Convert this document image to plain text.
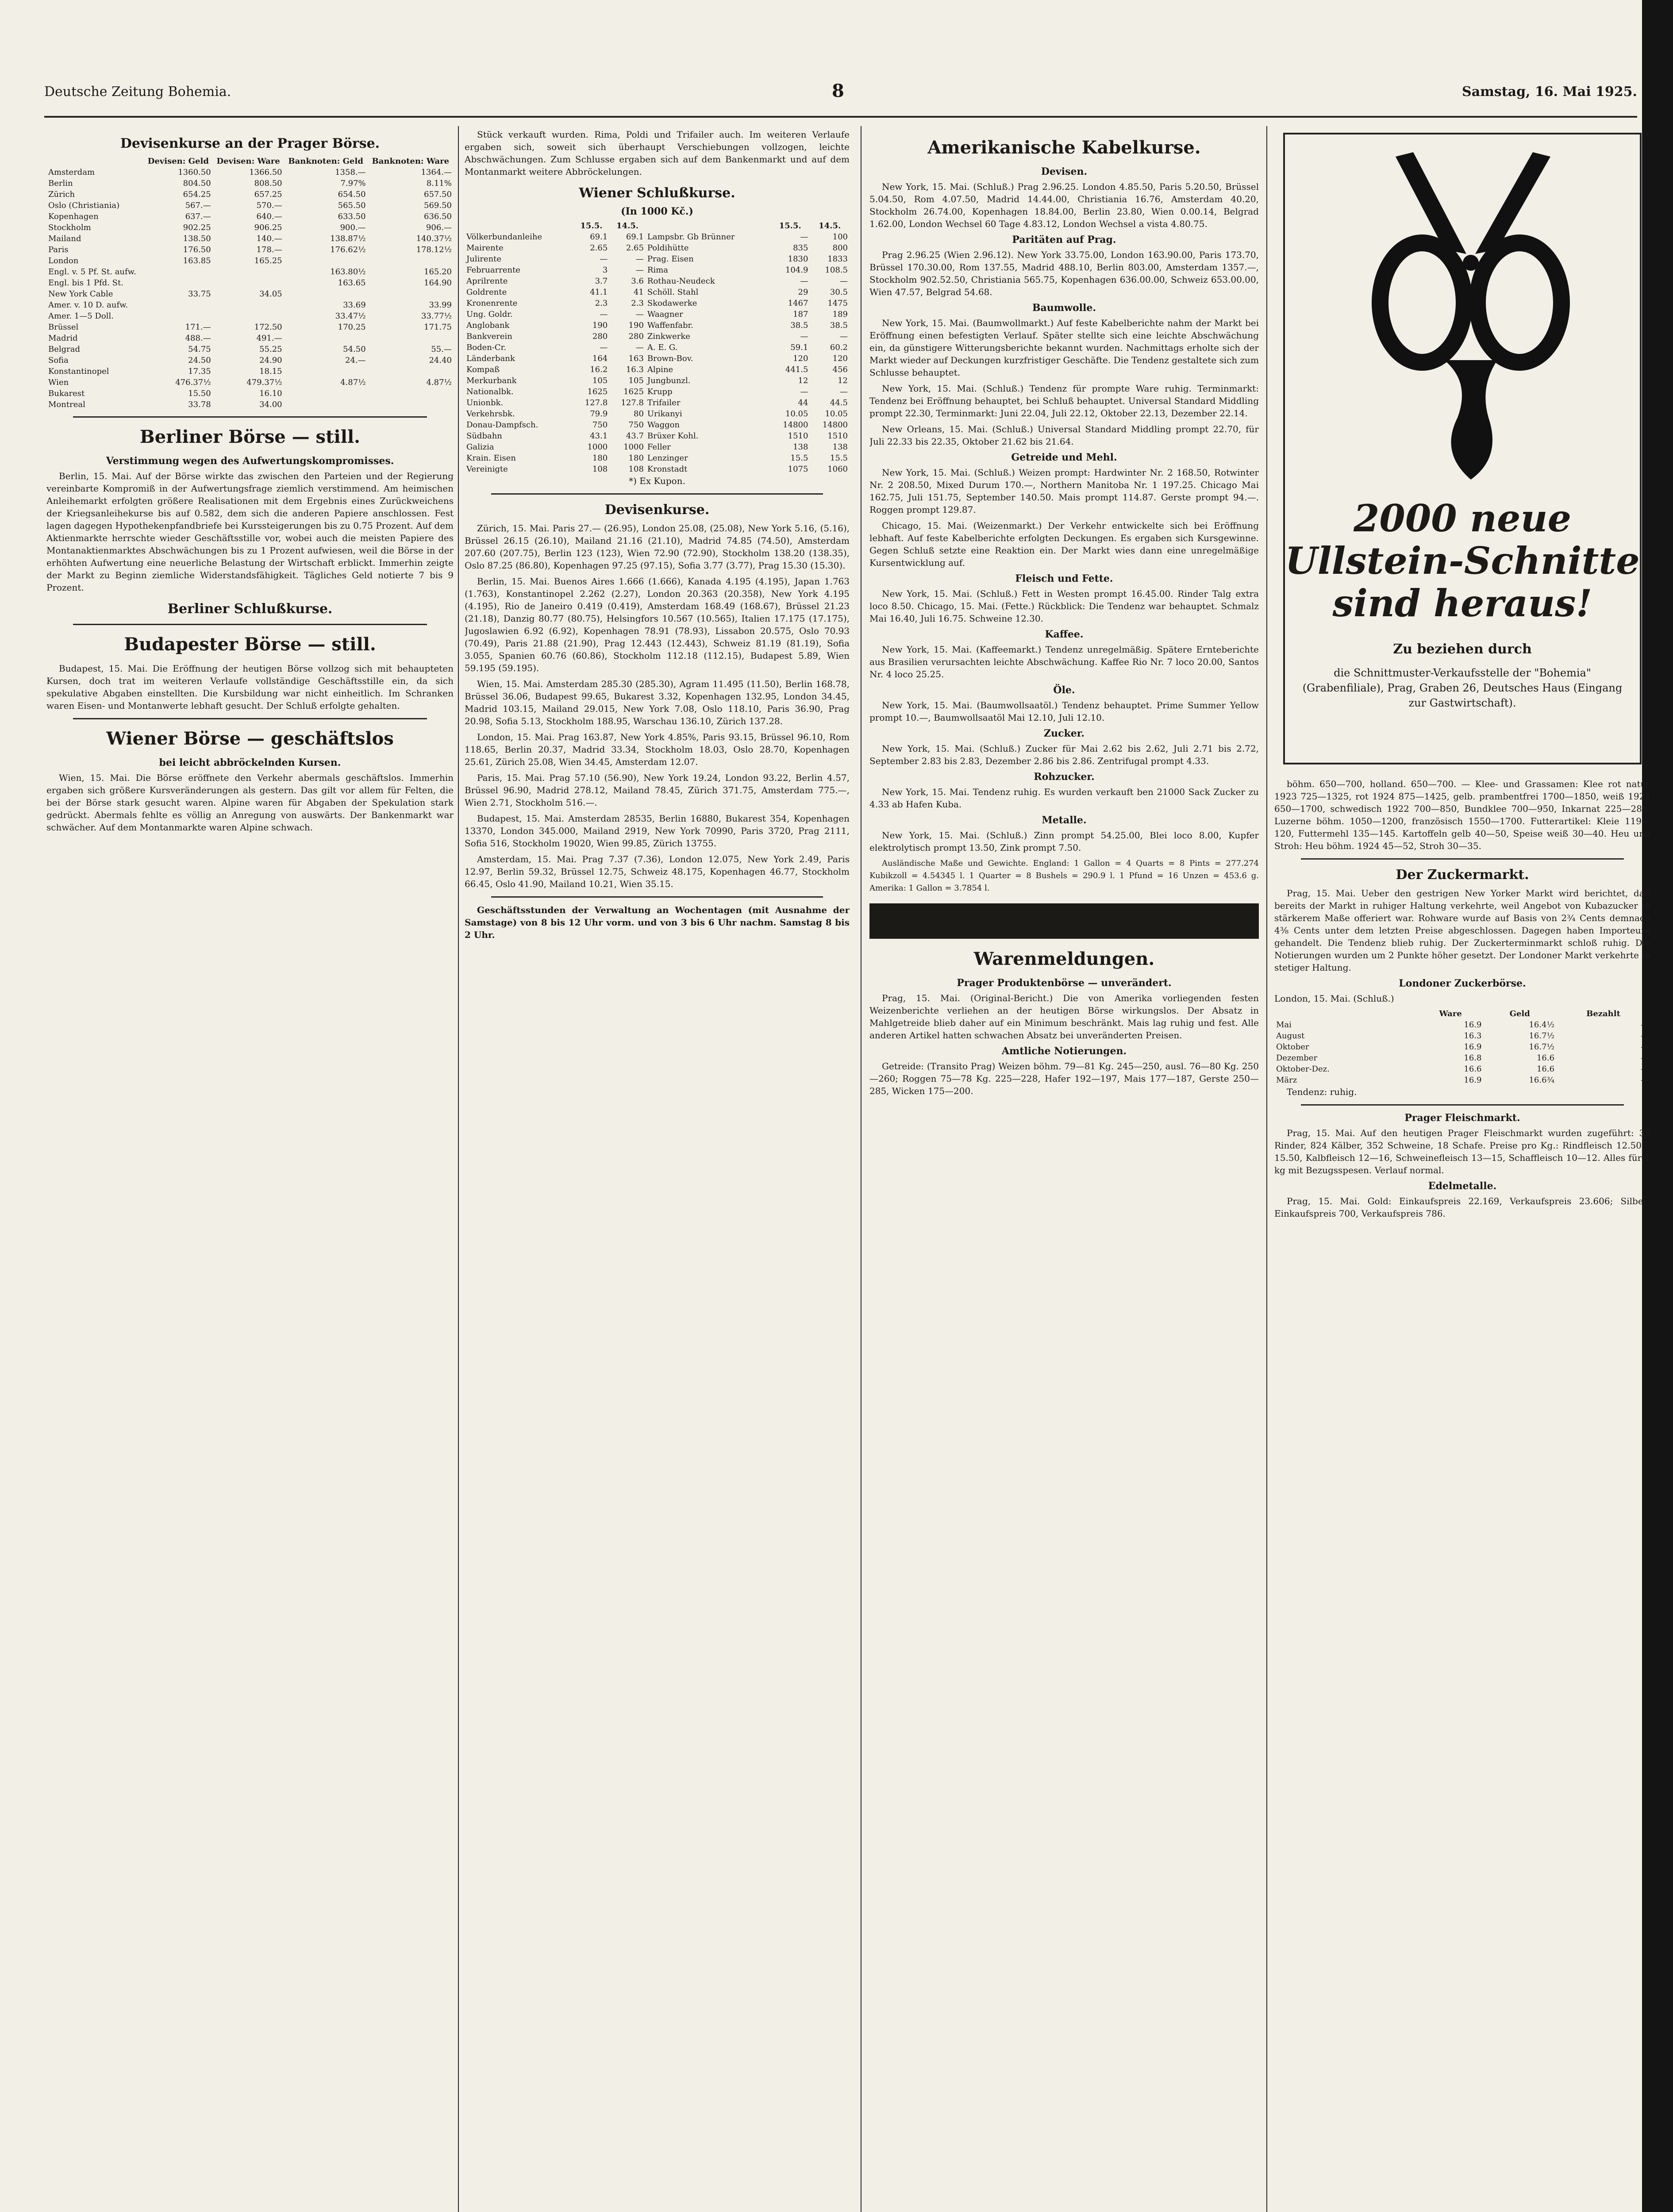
Deutsche Zeitung Bohemia.	8	Samstag, 16. Mai 1925.
Devisenkurse an der Prager Börse.
	Devisen: Geld	Devisen: Ware	Banknoten: Geld	Banknoten: Ware
Amsterdam	1360.50	1366.50	1358.—	1364.—
Berlin	804.50	808.50	7.97%	8.11%
Zürich	654.25	657.25	654.50	657.50
Oslo (Christiania)	567.—	570.—	565.50	569.50
Kopenhagen	637.—	640.—	633.50	636.50
Stockholm	902.25	906.25	900.—	906.—
Mailand	138.50	140.—	138.87½	140.37½
Paris	176.50	178.—	176.62½	178.12½
London	163.85	165.25		
Engl. v. 5 Pf. St. aufw.			163.80½	165.20
Engl. bis 1 Pfd. St.			163.65	164.90
New York Cable	33.75	34.05		
Amer. v. 10 D. aufw.			33.69	33.99
Amer. 1—5 Doll.			33.47½	33.77½
Brüssel	171.—	172.50	170.25	171.75
Madrid	488.—	491.—		
Belgrad	54.75	55.25	54.50	55.—
Sofia	24.50	24.90	24.—	24.40
Konstantinopel	17.35	18.15		
Wien	476.37½	479.37½	4.87½	4.87½
Bukarest	15.50	16.10		
Montreal	33.78	34.00		
Berliner Börse — still.
Verstimmung wegen des Aufwertungskompromisses.

Berlin, 15. Mai. Auf der Börse wirkte das zwischen den Parteien und der Regierung vereinbarte Kompromiß in der Aufwertungsfrage ziemlich verstimmend. Am heimischen Anleihemarkt erfolgten größere Realisationen mit dem Ergebnis eines Zurückweichens der Kriegsanleihekurse bis auf 0.582, dem sich die anderen Papiere anschlossen. Fest lagen dagegen Hypothekenpfandbriefe bei Kurssteigerungen bis zu 0.75 Prozent. Auf dem Aktienmarkte herrschte wieder Geschäftsstille vor, wobei auch die meisten Papiere des Montanaktienmarktes Abschwächungen bis zu 1 Prozent aufwiesen, weil die Börse in der erhöhten Aufwertung eine neuerliche Belastung der Wirtschaft erblickt. Immerhin zeigte der Markt zu Beginn ziemliche Widerstandsfähigkeit. Tägliches Geld notierte 7 bis 9 Prozent.

Berliner Schlußkurse.
Budapester Börse — still.

Budapest, 15. Mai. Die Eröffnung der heutigen Börse vollzog sich mit behaupteten Kursen, doch trat im weiteren Verlaufe vollständige Geschäftsstille ein, da sich spekulative Abgaben einstellten. Die Kursbildung war nicht einheitlich. Im Schranken waren Eisen- und Montanwerte lebhaft gesucht. Der Schluß erfolgte gehalten.

Wiener Börse — geschäftslos
bei leicht abbröckelnden Kursen.

Wien, 15. Mai. Die Börse eröffnete den Verkehr abermals geschäftslos. Immerhin ergaben sich größere Kursveränderungen als gestern. Das gilt vor allem für Felten, die bei der Börse stark gesucht waren. Alpine waren für Abgaben der Spekulation stark gedrückt. Abermals fehlte es völlig an Anregung von auswärts. Der Bankenmarkt war schwächer. Auf dem Montanmarkte waren Alpine schwach.

Stück verkauft wurden. Rima, Poldi und Trifailer auch. Im weiteren Verlaufe ergaben sich, soweit sich überhaupt Verschiebungen vollzogen, leichte Abschwächungen. Zum Schlusse ergaben sich auf dem Bankenmarkt und auf dem Montanmarkt weitere Abbröckelungen.

Wiener Schlußkurse.
(In 1000 Kč.)
	15.5.	14.5.		15.5.	14.5.
Völkerbundanleihe	69.1	69.1	Lampsbr. Gb Brünner	—	100
Mairente	2.65	2.65	Poldihütte	835	800
Julirente	—	—	Prag. Eisen	1830	1833
Februarrente	3	—	Rima	104.9	108.5
Aprilrente	3.7	3.6	Rothau-Neudeck	—	—
Goldrente	41.1	41	Schöll. Stahl	29	30.5
Kronenrente	2.3	2.3	Skodawerke	1467	1475
Ung. Goldr.	—	—	Waagner	187	189
Anglobank	190	190	Waffenfabr.	38.5	38.5
Bankverein	280	280	Zinkwerke	—	—
Boden-Cr.	—	—	A. E. G.	59.1	60.2
Länderbank	164	163	Brown-Bov.	120	120
Kompaß	16.2	16.3	Alpine	441.5	456
Merkurbank	105	105	Jungbunzl.	12	12
Nationalbk.	1625	1625	Krupp	—	—
Unionbk.	127.8	127.8	Trifailer	44	44.5
Verkehrsbk.	79.9	80	Urikanyi	10.05	10.05
Donau-Dampfsch.	750	750	Waggon	14800	14800
Südbahn	43.1	43.7	Brüxer Kohl.	1510	1510
Galizia	1000	1000	Feller	138	138
Krain. Eisen	180	180	Lenzinger	15.5	15.5
Vereinigte	108	108	Kronstadt	1075	1060

*) Ex Kupon.

Devisenkurse.

Zürich, 15. Mai. Paris 27.— (26.95), London 25.08, (25.08), New York 5.16, (5.16), Brüssel 26.15 (26.10), Mailand 21.16 (21.10), Madrid 74.85 (74.50), Amsterdam 207.60 (207.75), Berlin 123 (123), Wien 72.90 (72.90), Stockholm 138.20 (138.35), Oslo 87.25 (86.80), Kopenhagen 97.25 (97.15), Sofia 3.77 (3.77), Prag 15.30 (15.30).

Berlin, 15. Mai. Buenos Aires 1.666 (1.666), Kanada 4.195 (4.195), Japan 1.763 (1.763), Konstantinopel 2.262 (2.27), London 20.363 (20.358), New York 4.195 (4.195), Rio de Janeiro 0.419 (0.419), Amsterdam 168.49 (168.67), Brüssel 21.23 (21.18), Danzig 80.77 (80.75), Helsingfors 10.567 (10.565), Italien 17.175 (17.175), Jugoslawien 6.92 (6.92), Kopenhagen 78.91 (78.93), Lissabon 20.575, Oslo 70.93 (70.49), Paris 21.88 (21.90), Prag 12.443 (12.443), Schweiz 81.19 (81.19), Sofia 3.055, Spanien 60.76 (60.86), Stockholm 112.18 (112.15), Budapest 5.89, Wien 59.195 (59.195).

Wien, 15. Mai. Amsterdam 285.30 (285.30), Agram 11.495 (11.50), Berlin 168.78, Brüssel 36.06, Budapest 99.65, Bukarest 3.32, Kopenhagen 132.95, London 34.45, Madrid 103.15, Mailand 29.015, New York 7.08, Oslo 118.10, Paris 36.90, Prag 20.98, Sofia 5.13, Stockholm 188.95, Warschau 136.10, Zürich 137.28.

London, 15. Mai. Prag 163.87, New York 4.85%, Paris 93.15, Brüssel 96.10, Rom 118.65, Berlin 20.37, Madrid 33.34, Stockholm 18.03, Oslo 28.70, Kopenhagen 25.61, Zürich 25.08, Wien 34.45, Amsterdam 12.07.

Paris, 15. Mai. Prag 57.10 (56.90), New York 19.24, London 93.22, Berlin 4.57, Brüssel 96.90, Madrid 278.12, Mailand 78.45, Zürich 371.75, Amsterdam 775.—, Wien 2.71, Stockholm 516.—.

Budapest, 15. Mai. Amsterdam 28535, Berlin 16880, Bukarest 354, Kopenhagen 13370, London 345.000, Mailand 2919, New York 70990, Paris 3720, Prag 2111, Sofia 516, Stockholm 19020, Wien 99.85, Zürich 13755.

Amsterdam, 15. Mai. Prag 7.37 (7.36), London 12.075, New York 2.49, Paris 12.97, Berlin 59.32, Brüssel 12.75, Schweiz 48.175, Kopenhagen 46.77, Stockholm 66.45, Oslo 41.90, Mailand 10.21, Wien 35.15.

Geschäftsstunden der Verwaltung an Wochentagen (mit Ausnahme der Samstage) von 8 bis 12 Uhr vorm. und von 3 bis 6 Uhr nachm. Samstag 8 bis 2 Uhr.

Amerikanische Kabelkurse.
Devisen.

New York, 15. Mai. (Schluß.) Prag 2.96.25. London 4.85.50, Paris 5.20.50, Brüssel 5.04.50, Rom 4.07.50, Madrid 14.44.00, Christiania 16.76, Amsterdam 40.20, Stockholm 26.74.00, Kopenhagen 18.84.00, Berlin 23.80, Wien 0.00.14, Belgrad 1.62.00, London Wechsel 60 Tage 4.83.12, London Wechsel a vista 4.80.75.

Paritäten auf Prag.

Prag 2.96.25 (Wien 2.96.12). New York 33.75.00, London 163.90.00, Paris 173.70, Brüssel 170.30.00, Rom 137.55, Madrid 488.10, Berlin 803.00, Amsterdam 1357.—, Stockholm 902.52.50, Christiania 565.75, Kopenhagen 636.00.00, Schweiz 653.00.00, Wien 47.57, Belgrad 54.68.

Baumwolle.

New York, 15. Mai. (Baumwollmarkt.) Auf feste Kabelberichte nahm der Markt bei Eröffnung einen befestigten Verlauf. Später stellte sich eine leichte Abschwächung ein, da günstigere Witterungsberichte bekannt wurden. Nachmittags erholte sich der Markt wieder auf Deckungen kurzfristiger Geschäfte. Die Tendenz gestaltete sich zum Schlusse behauptet.

New York, 15. Mai. (Schluß.) Tendenz für prompte Ware ruhig. Terminmarkt: Tendenz bei Eröffnung behauptet, bei Schluß behauptet. Universal Standard Middling prompt 22.30, Terminmarkt: Juni 22.04, Juli 22.12, Oktober 22.13, Dezember 22.14.

New Orleans, 15. Mai. (Schluß.) Universal Standard Middling prompt 22.70, für Juli 22.33 bis 22.35, Oktober 21.62 bis 21.64.

Getreide und Mehl.

New York, 15. Mai. (Schluß.) Weizen prompt: Hardwinter Nr. 2 168.50, Rotwinter Nr. 2 208.50, Mixed Durum 170.—, Northern Manitoba Nr. 1 197.25. Chicago Mai 162.75, Juli 151.75, September 140.50. Mais prompt 114.87. Gerste prompt 94.—. Roggen prompt 129.87.

Chicago, 15. Mai. (Weizenmarkt.) Der Verkehr entwickelte sich bei Eröffnung lebhaft. Auf feste Kabelberichte erfolgten Deckungen. Es ergaben sich Kursgewinne. Gegen Schluß setzte eine Reaktion ein. Der Markt wies dann eine unregelmäßige Kursentwicklung auf.

Fleisch und Fette.

New York, 15. Mai. (Schluß.) Fett in Westen prompt 16.45.00. Rinder Talg extra loco 8.50. Chicago, 15. Mai. (Fette.) Rückblick: Die Tendenz war behauptet. Schmalz Mai 16.40, Juli 16.75. Schweine 12.30.

Kaffee.

New York, 15. Mai. (Kaffeemarkt.) Tendenz unregelmäßig. Spätere Ernteberichte aus Brasilien verursachten leichte Abschwächung. Kaffee Rio Nr. 7 loco 20.00, Santos Nr. 4 loco 25.25.

Öle.

New York, 15. Mai. (Baumwollsaatöl.) Tendenz behauptet. Prime Summer Yellow prompt 10.—, Baumwollsaatöl Mai 12.10, Juli 12.10.

Zucker.

New York, 15. Mai. (Schluß.) Zucker für Mai 2.62 bis 2.62, Juli 2.71 bis 2.72, September 2.83 bis 2.83, Dezember 2.86 bis 2.86. Zentrifugal prompt 4.33.

Rohzucker.

New York, 15. Mai. Tendenz ruhig. Es wurden verkauft ben 21000 Sack Zucker zu 4.33 ab Hafen Kuba.

Metalle.

New York, 15. Mai. (Schluß.) Zinn prompt 54.25.00, Blei loco 8.00, Kupfer elektrolytisch prompt 13.50, Zink prompt 7.50.

Ausländische Maße und Gewichte. England: 1 Gallon = 4 Quarts = 8 Pints = 277.274 Kubikzoll = 4.54345 l. 1 Quarter = 8 Bushels = 290.9 l. 1 Pfund = 16 Unzen = 453.6 g. Amerika: 1 Gallon = 3.7854 l.

Warenmeldungen.
Prager Produktenbörse — unverändert.

Prag, 15. Mai. (Original-Bericht.) Die von Amerika vorliegenden festen Weizenberichte verliehen an der heutigen Börse wirkungslos. Der Absatz in Mahlgetreide blieb daher auf ein Minimum beschränkt. Mais lag ruhig und fest. Alle anderen Artikel hatten schwachen Absatz bei unveränderten Preisen.

Amtliche Notierungen.

Getreide: (Transito Prag) Weizen böhm. 79—81 Kg. 245—250, ausl. 76—80 Kg. 250—260; Roggen 75—78 Kg. 225—228, Hafer 192—197, Mais 177—187, Gerste 250—285, Wicken 175—200.

2000 neue
Ullstein-Schnitte
sind heraus!
Zu beziehen durch
die Schnittmuster-Verkaufsstelle der "Bohemia" (Grabenfiliale), Prag, Graben 26, Deutsches Haus (Eingang zur Gastwirtschaft).

böhm. 650—700, holland. 650—700. — Klee- und Grassamen: Klee rot natur 1923 725—1325, rot 1924 875—1425, gelb. prambentfrei 1700—1850, weiß 1924 650—1700, schwedisch 1922 700—850, Bundklee 700—950, Inkarnat 225—280, Luzerne böhm. 1050—1200, französisch 1550—1700. Futterartikel: Kleie 119—120, Futtermehl 135—145. Kartoffeln gelb 40—50, Speise weiß 30—40. Heu und Stroh: Heu böhm. 1924 45—52, Stroh 30—35.

Der Zuckermarkt.

Prag, 15. Mai. Ueber den gestrigen New Yorker Markt wird berichtet, daß bereits der Markt in ruhiger Haltung verkehrte, weil Angebot von Kubazucker in stärkerem Maße offeriert war. Rohware wurde auf Basis von 2¾ Cents demnach 4⅜ Cents unter dem letzten Preise abgeschlossen. Dagegen haben Importeure gehandelt. Die Tendenz blieb ruhig. Der Zuckerterminmarkt schloß ruhig. Die Notierungen wurden um 2 Punkte höher gesetzt. Der Londoner Markt verkehrte in stetiger Haltung.

Londoner Zuckerbörse.

London, 15. Mai. (Schluß.)

	Ware	Geld	Bezahlt
Mai	16.9	16.4½	—
August	16.3	16.7½	—
Oktober	16.9	16.7½	—
Dezember	16.8	16.6	—
Oktober-Dez.	16.6	16.6	—
März	16.9	16.6¾	—

Tendenz: ruhig.

Prager Fleischmarkt.

Prag, 15. Mai. Auf den heutigen Prager Fleischmarkt wurden zugeführt: 35 Rinder, 824 Kälber, 352 Schweine, 18 Schafe. Preise pro Kg.: Rindfleisch 12.50—15.50, Kalbfleisch 12—16, Schweinefleisch 13—15, Schaffleisch 10—12. Alles für 1 kg mit Bezugsspesen. Verlauf normal.

Edelmetalle.

Prag, 15. Mai. Gold: Einkaufspreis 22.169, Verkaufspreis 23.606; Silber: Einkaufspreis 700, Verkaufspreis 786.
